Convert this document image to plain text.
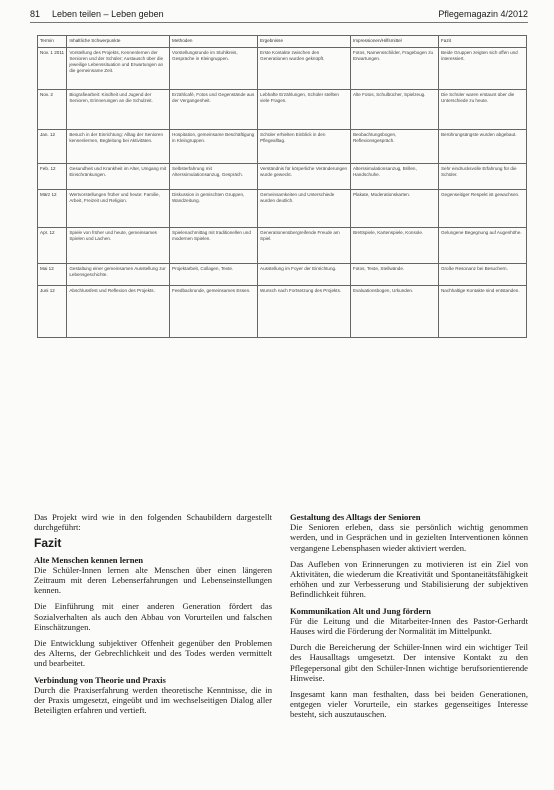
81 Leben teilen – Leben geben	Pflegemagazin 4/2012
Termin	Inhaltliche Schwerpunkte	Methoden	Ergebnisse	Impressionen/Hilfsmittel	Fazit
Nov. 1 2011	Vorstellung des Projekts, Kennenlernen der Senioren und der Schüler; Austausch über die jeweilige Lebenssituation und Erwartungen an die gemeinsame Zeit.	Vorstellungsrunde im Stuhlkreis, Gespräche in Kleingruppen.	Erste Kontakte zwischen den Generationen wurden geknüpft.	Fotos, Namensschilder, Fragebogen zu Erwartungen.	Beide Gruppen zeigten sich offen und interessiert.
Nov. 2	Biografiearbeit: Kindheit und Jugend der Senioren, Erinnerungen an die Schulzeit.	Erzählcafé, Fotos und Gegenstände aus der Vergangenheit.	Lebhafte Erzählungen, Schüler stellten viele Fragen.	Alte Fotos, Schulbücher, Spielzeug.	Die Schüler waren erstaunt über die Unterschiede zu heute.
Jan. 12	Besuch in der Einrichtung: Alltag der Senioren kennenlernen, Begleitung bei Aktivitäten.	Hospitation, gemeinsame Beschäftigung in Kleingruppen.	Schüler erhielten Einblick in den Pflegealltag.	Beobachtungsbogen, Reflexionsgespräch.	Berührungsängste wurden abgebaut.
Feb. 12	Gesundheit und Krankheit im Alter, Umgang mit Einschränkungen.	Selbsterfahrung mit Alterssimulationsanzug, Gespräch.	Verständnis für körperliche Veränderungen wurde geweckt.	Alterssimulationsanzug, Brillen, Handschuhe.	Sehr eindrucksvolle Erfahrung für die Schüler.
März 12	Wertvorstellungen früher und heute: Familie, Arbeit, Freizeit und Religion.	Diskussion in gemischten Gruppen, Wandzeitung.	Gemeinsamkeiten und Unterschiede wurden deutlich.	Plakate, Moderationskarten.	Gegenseitiger Respekt ist gewachsen.
Apr. 12	Spiele von früher und heute, gemeinsames Spielen und Lachen.	Spielenachmittag mit traditionellen und modernen Spielen.	Generationenübergreifende Freude am Spiel.	Brettspiele, Kartenspiele, Konsole.	Gelungene Begegnung auf Augenhöhe.
Mai 12	Gestaltung einer gemeinsamen Ausstellung zur Lebensgeschichte.	Projektarbeit, Collagen, Texte.	Ausstellung im Foyer der Einrichtung.	Fotos, Texte, Stellwände.	Große Resonanz bei Besuchern.
Juni 12	Abschlussfest und Reflexion des Projekts.	Feedbackrunde, gemeinsames Essen.	Wunsch nach Fortsetzung des Projekts.	Evaluationsbogen, Urkunden.	Nachhaltige Kontakte sind entstanden.

Das Projekt wird wie in den folgenden Schaubildern dargestellt durchgeführt:

Fazit
Alte Menschen kennen lernen

Die Schüler-Innen lernen alte Menschen über einen längeren Zeitraum mit deren Lebenserfahrungen und Lebenseinstellungen kennen.

Die Einführung mit einer anderen Generation fördert das Sozialverhalten als auch den Abbau von Vorurteilen und falschen Einschätzungen.

Die Entwicklung subjektiver Offenheit gegenüber den Problemen des Alterns, der Gebrechlichkeit und des Todes werden vermittelt und bearbeitet.

Verbindung von Theorie und Praxis

Durch die Praxiserfahrung werden theoretische Kenntnisse, die in der Praxis umgesetzt, eingeübt und im wechselseitigen Dialog aller Beteiligten erfahren und vertieft.

Gestaltung des Alltags der Senioren

Die Senioren erleben, dass sie persönlich wichtig genommen werden, und in Gesprächen und in gezielten Interventionen können vergangene Lebensphasen wieder aktiviert werden.

Das Aufleben von Erinnerungen zu motivieren ist ein Ziel von Aktivitäten, die wiederum die Kreativität und Spontaneitätsfähigkeit erhöhen und zur Verbesserung und Stabilisierung der subjektiven Befindlichkeit führen.

Kommunikation Alt und Jung fördern

Für die Leitung und die Mitarbeiter-Innen des Pastor-Gerhardt Hauses wird die Förderung der Normalität im Mittelpunkt.

Durch die Bereicherung der Schüler-Innen wird ein wichtiger Teil des Hausalltags umgesetzt. Der intensive Kontakt zu den Pflegepersonal gibt den Schüler-Innen wichtige berufsorientierende Hinweise.

Insgesamt kann man festhalten, dass bei beiden Generationen, entgegen vieler Vorurteile, ein starkes gegenseitiges Interesse besteht, sich auszutauschen.
